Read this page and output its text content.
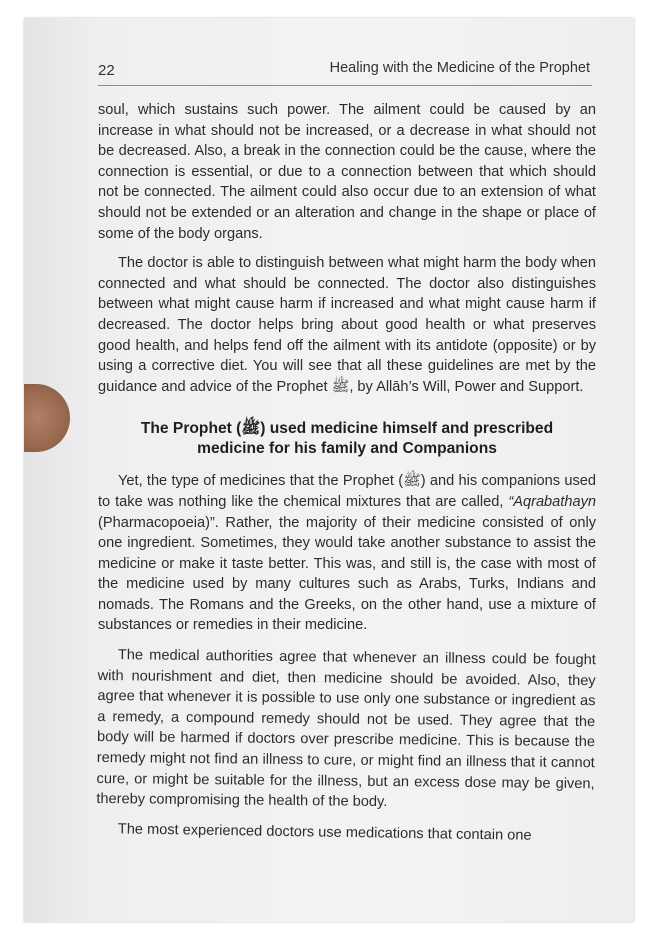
22	Healing with the Medicine of the Prophet

soul, which sustains such power. The ailment could be caused by an increase in what should not be increased, or a decrease in what should not be decreased. Also, a break in the connection could be the cause, where the connection is essential, or due to a connection between that which should not be connected. The ailment could also occur due to an extension of what should not be extended or an alteration and change in the shape or place of some of the body organs.

The doctor is able to distinguish between what might harm the body when connected and what should be connected. The doctor also distinguishes between what might cause harm if increased and what might cause harm if decreased. The doctor helps bring about good health or what preserves good health, and helps fend off the ailment with its antidote (opposite) or by using a corrective diet. You will see that all these guidelines are met by the guidance and advice of the Prophet ﷺ, by Allāh’s Will, Power and Support.

The Prophet (ﷺ) used medicine himself and prescribed
medicine for his family and Companions

Yet, the type of medicines that the Prophet (ﷺ) and his companions used to take was nothing like the chemical mixtures that are called, “Aqrabathayn (Pharmacopoeia)”. Rather, the majority of their medicine consisted of only one ingredient. Sometimes, they would take another substance to assist the medicine or make it taste better. This was, and still is, the case with most of the medicine used by many cultures such as Arabs, Turks, Indians and nomads. The Romans and the Greeks, on the other hand, use a mixture of substances or remedies in their medicine.

The medical authorities agree that whenever an illness could be fought with nourishment and diet, then medicine should be avoided. Also, they agree that whenever it is possible to use only one substance or ingredient as a remedy, a compound remedy should not be used. They agree that the body will be harmed if doctors over prescribe medicine. This is because the remedy might not find an illness to cure, or might find an illness that it cannot cure, or might be suitable for the illness, but an excess dose may be given, thereby compromising the health of the body.

The most experienced doctors use medications that contain one
